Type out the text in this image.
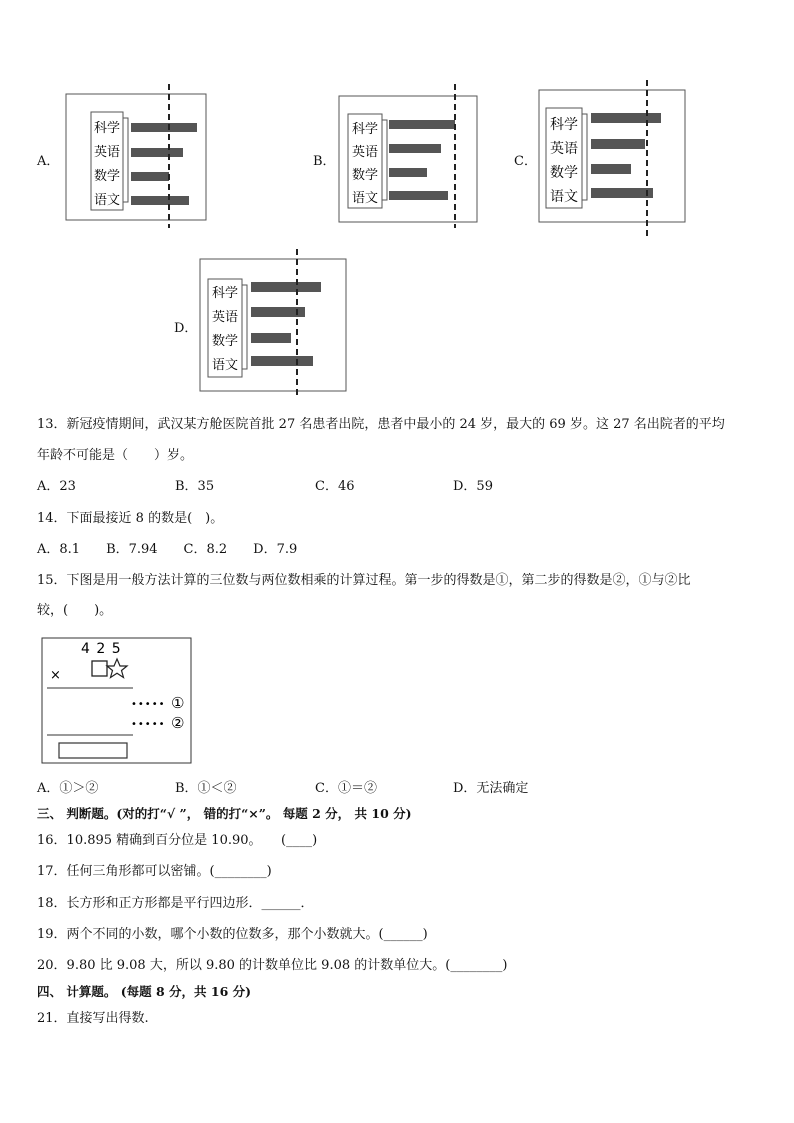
A．	B．	C．
D．
科学
英语
数学
语文
科学
英语
数学
语文
科学
英语
数学
语文
科学
英语
数学
语文
13．新冠疫情期间，武汉某方舱医院首批 27 名患者出院，患者中最小的 24 岁，最大的 69 岁。这 27 名出院者的平均
年龄不可能是（　　）岁。
A．23	B．35	C．46	D．59
14．下面最接近 8 的数是(　)。
A．8.1　　B．7.94　　C．8.2　　D．7.9
15．下图是用一般方法计算的三位数与两位数相乘的计算过程。第一步的得数是①，第二步的得数是②，①与②比
较，(　　)。
4 2 5
×
••••• ①
••••• ②
A．①＞②	B．①＜②	C．①＝②	D．无法确定
三、 判断题。(对的打“√ ”， 错的打“×”。 每题 2 分， 共 10 分)
16．10.895 精确到百分位是 10.90。　　(____)
17．任何三角形都可以密铺。(________)
18．长方形和正方形都是平行四边形．______．
19．两个不同的小数，哪个小数的位数多，那个小数就大。(______)
20．9.80 比 9.08 大，所以 9.80 的计数单位比 9.08 的计数单位大。(________)
四、 计算题。 (每题 8 分，共 16 分)
21．直接写出得数.
